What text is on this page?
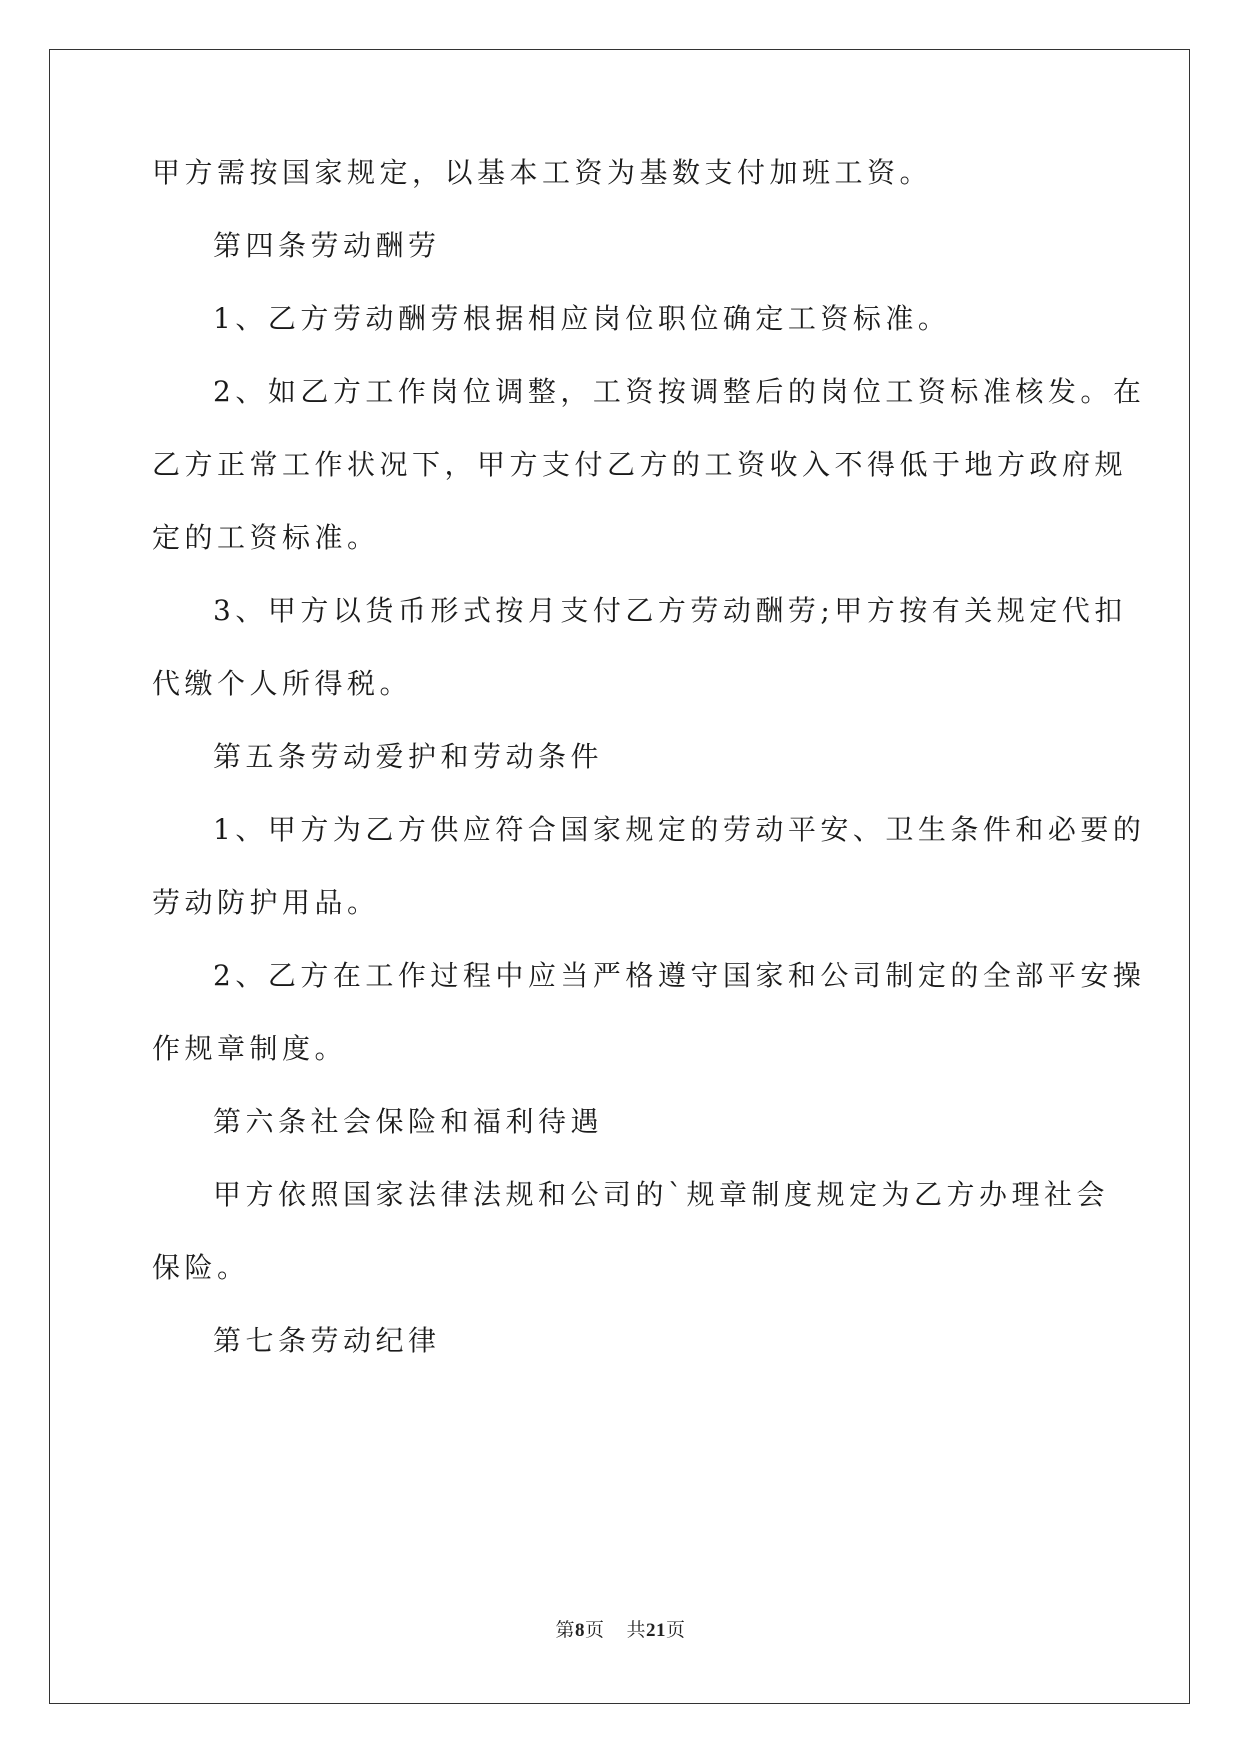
甲方需按国家规定，以基本工资为基数支付加班工资。
第四条劳动酬劳
1、乙方劳动酬劳根据相应岗位职位确定工资标准。
2、如乙方工作岗位调整，工资按调整后的岗位工资标准核发。在
乙方正常工作状况下，甲方支付乙方的工资收入不得低于地方政府规
定的工资标准。
3、甲方以货币形式按月支付乙方劳动酬劳;甲方按有关规定代扣
代缴个人所得税。
第五条劳动爱护和劳动条件
1、甲方为乙方供应符合国家规定的劳动平安、卫生条件和必要的
劳动防护用品。
2、乙方在工作过程中应当严格遵守国家和公司制定的全部平安操
作规章制度。
第六条社会保险和福利待遇
甲方依照国家法律法规和公司的`规章制度规定为乙方办理社会
保险。
第七条劳动纪律
第8页 共21页
